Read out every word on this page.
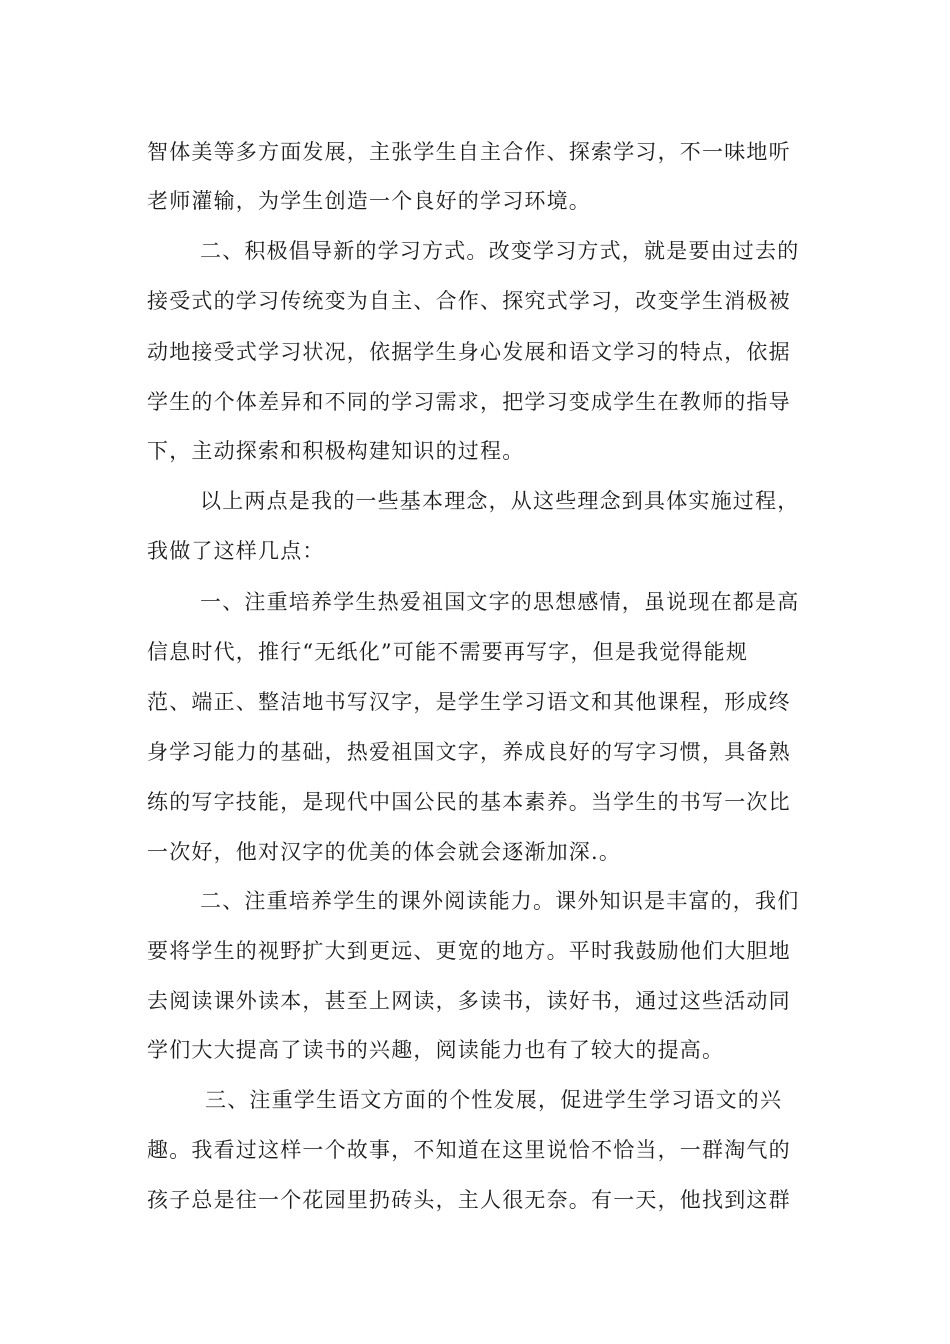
智体美等多方面发展，主张学生自主合作、探索学习，不一味地听
老师灌输，为学生创造一个良好的学习环境。
二、积极倡导新的学习方式。改变学习方式，就是要由过去的
接受式的学习传统变为自主、合作、探究式学习，改变学生消极被
动地接受式学习状况，依据学生身心发展和语文学习的特点，依据
学生的个体差异和不同的学习需求，把学习变成学生在教师的指导
下，主动探索和积极构建知识的过程。
以上两点是我的一些基本理念，从这些理念到具体实施过程，
我做了这样几点：
一、注重培养学生热爱祖国文字的思想感情，虽说现在都是高
信息时代，推行“无纸化”可能不需要再写字，但是我觉得能规
范、端正、整洁地书写汉字，是学生学习语文和其他课程，形成终
身学习能力的基础，热爱祖国文字，养成良好的写字习惯，具备熟
练的写字技能，是现代中国公民的基本素养。当学生的书写一次比
一次好，他对汉字的优美的体会就会逐渐加深.。
二、注重培养学生的课外阅读能力。课外知识是丰富的，我们
要将学生的视野扩大到更远、更宽的地方。平时我鼓励他们大胆地
去阅读课外读本，甚至上网读，多读书，读好书，通过这些活动同
学们大大提高了读书的兴趣，阅读能力也有了较大的提高。
三、注重学生语文方面的个性发展，促进学生学习语文的兴
趣。我看过这样一个故事，不知道在这里说恰不恰当，一群淘气的
孩子总是往一个花园里扔砖头，主人很无奈。有一天，他找到这群
